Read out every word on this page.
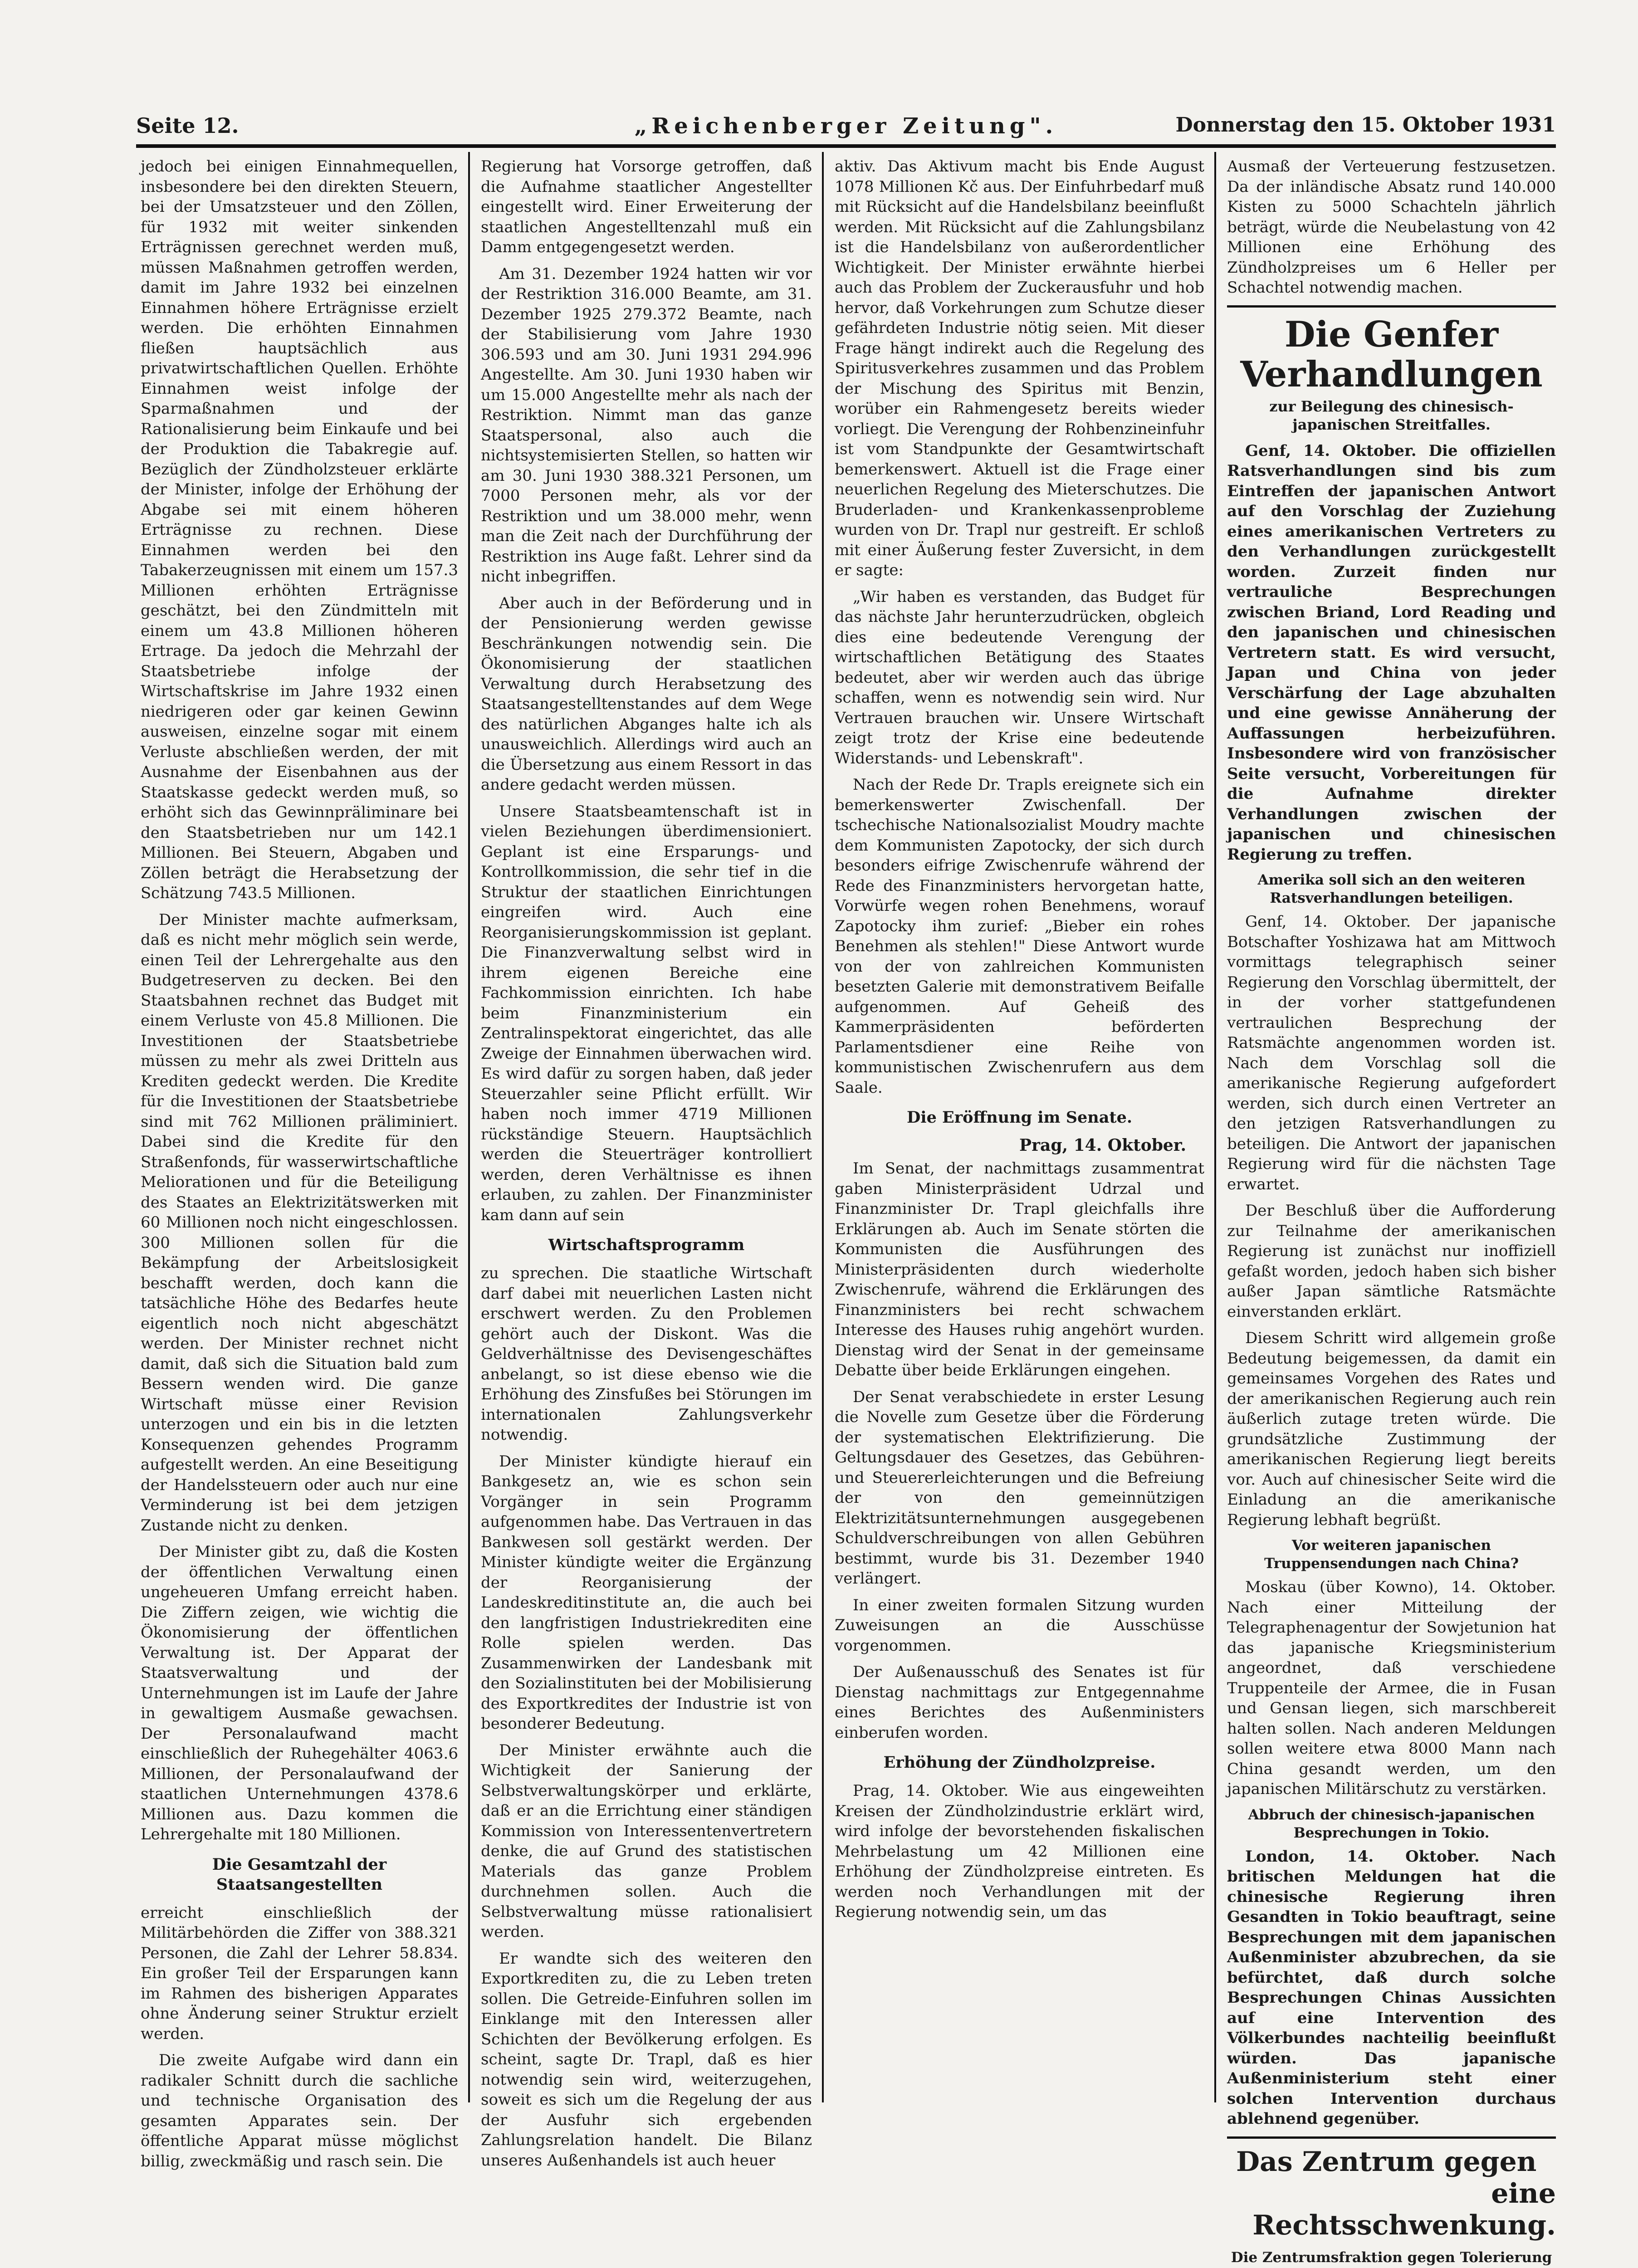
Seite 12.	„Reichenberger Zeitung".	Donnerstag den 15. Oktober 1931

jedoch bei einigen Einnahmequellen, insbesondere bei den direkten Steuern, bei der Umsatzsteuer und den Zöllen, für 1932 mit weiter sinkenden Erträgnissen gerechnet werden muß, müssen Maßnahmen getroffen werden, damit im Jahre 1932 bei einzelnen Einnahmen höhere Erträgnisse erzielt werden. Die erhöhten Einnahmen fließen hauptsächlich aus privatwirtschaftlichen Quellen. Erhöhte Einnahmen weist infolge der Sparmaßnahmen und der Rationalisierung beim Einkaufe und bei der Produktion die Tabakregie auf. Bezüglich der Zündholzsteuer erklärte der Minister, infolge der Erhöhung der Abgabe sei mit einem höheren Erträgnisse zu rechnen. Diese Einnahmen werden bei den Tabakerzeugnissen mit einem um 157.3 Millionen erhöhten Erträgnisse geschätzt, bei den Zündmitteln mit einem um 43.8 Millionen höheren Ertrage. Da jedoch die Mehrzahl der Staatsbetriebe infolge der Wirtschaftskrise im Jahre 1932 einen niedrigeren oder gar keinen Gewinn ausweisen, einzelne sogar mit einem Verluste abschließen werden, der mit Ausnahme der Eisenbahnen aus der Staatskasse gedeckt werden muß, so erhöht sich das Gewinnpräliminare bei den Staatsbetrieben nur um 142.1 Millionen. Bei Steuern, Abgaben und Zöllen beträgt die Herabsetzung der Schätzung 743.5 Millionen.

Der Minister machte aufmerksam, daß es nicht mehr möglich sein werde, einen Teil der Lehrergehalte aus den Budgetreserven zu decken. Bei den Staatsbahnen rechnet das Budget mit einem Verluste von 45.8 Millionen. Die Investitionen der Staatsbetriebe müssen zu mehr als zwei Dritteln aus Krediten gedeckt werden. Die Kredite für die Investitionen der Staatsbetriebe sind mit 762 Millionen präliminiert. Dabei sind die Kredite für den Straßenfonds, für wasserwirtschaftliche Meliorationen und für die Beteiligung des Staates an Elektrizitätswerken mit 60 Millionen noch nicht eingeschlossen. 300 Millionen sollen für die Bekämpfung der Arbeitslosigkeit beschafft werden, doch kann die tatsächliche Höhe des Bedarfes heute eigentlich noch nicht abgeschätzt werden. Der Minister rechnet nicht damit, daß sich die Situation bald zum Bessern wenden wird. Die ganze Wirtschaft müsse einer Revision unterzogen und ein bis in die letzten Konsequenzen gehendes Programm aufgestellt werden. An eine Beseitigung der Handelssteuern oder auch nur eine Verminderung ist bei dem jetzigen Zustande nicht zu denken.

Der Minister gibt zu, daß die Kosten der öffentlichen Verwaltung einen ungeheueren Umfang erreicht haben. Die Ziffern zeigen, wie wichtig die Ökonomisierung der öffentlichen Verwaltung ist. Der Apparat der Staatsverwaltung und der Unternehmungen ist im Laufe der Jahre in gewaltigem Ausmaße gewachsen. Der Personalaufwand macht einschließlich der Ruhegehälter 4063.6 Millionen, der Personalaufwand der staatlichen Unternehmungen 4378.6 Millionen aus. Dazu kommen die Lehrergehalte mit 180 Millionen.

Die Gesamtzahl der Staatsangestellten

erreicht einschließlich der Militärbehörden die Ziffer von 388.321 Personen, die Zahl der Lehrer 58.834. Ein großer Teil der Ersparungen kann im Rahmen des bisherigen Apparates ohne Änderung seiner Struktur erzielt werden.

Die zweite Aufgabe wird dann ein radikaler Schnitt durch die sachliche und technische Organisation des gesamten Apparates sein. Der öffentliche Apparat müsse möglichst billig, zweckmäßig und rasch sein. Die

Regierung hat Vorsorge getroffen, daß die Aufnahme staatlicher Angestellter eingestellt wird. Einer Erweiterung der staatlichen Angestelltenzahl muß ein Damm entgegengesetzt werden.

Am 31. Dezember 1924 hatten wir vor der Restriktion 316.000 Beamte, am 31. Dezember 1925 279.372 Beamte, nach der Stabilisierung vom Jahre 1930 306.593 und am 30. Juni 1931 294.996 Angestellte. Am 30. Juni 1930 haben wir um 15.000 Angestellte mehr als nach der Restriktion. Nimmt man das ganze Staatspersonal, also auch die nichtsystemisierten Stellen, so hatten wir am 30. Juni 1930 388.321 Personen, um 7000 Personen mehr, als vor der Restriktion und um 38.000 mehr, wenn man die Zeit nach der Durchführung der Restriktion ins Auge faßt. Lehrer sind da nicht inbegriffen.

Aber auch in der Beförderung und in der Pensionierung werden gewisse Beschränkungen notwendig sein. Die Ökonomisierung der staatlichen Verwaltung durch Herabsetzung des Staatsangestelltenstandes auf dem Wege des natürlichen Abganges halte ich als unausweichlich. Allerdings wird auch an die Übersetzung aus einem Ressort in das andere gedacht werden müssen.

Unsere Staatsbeamtenschaft ist in vielen Beziehungen überdimensioniert. Geplant ist eine Ersparungs- und Kontrollkommission, die sehr tief in die Struktur der staatlichen Einrichtungen eingreifen wird. Auch eine Reorganisierungskommission ist geplant. Die Finanzverwaltung selbst wird in ihrem eigenen Bereiche eine Fachkommission einrichten. Ich habe beim Finanzministerium ein Zentralinspektorat eingerichtet, das alle Zweige der Einnahmen überwachen wird. Es wird dafür zu sorgen haben, daß jeder Steuerzahler seine Pflicht erfüllt. Wir haben noch immer 4719 Millionen rückständige Steuern. Hauptsächlich werden die Steuerträger kontrolliert werden, deren Verhältnisse es ihnen erlauben, zu zahlen. Der Finanzminister kam dann auf sein

Wirtschaftsprogramm

zu sprechen. Die staatliche Wirtschaft darf dabei mit neuerlichen Lasten nicht erschwert werden. Zu den Problemen gehört auch der Diskont. Was die Geldverhältnisse des Devisengeschäftes anbelangt, so ist diese ebenso wie die Erhöhung des Zinsfußes bei Störungen im internationalen Zahlungsverkehr notwendig.

Der Minister kündigte hierauf ein Bankgesetz an, wie es schon sein Vorgänger in sein Programm aufgenommen habe. Das Vertrauen in das Bankwesen soll gestärkt werden. Der Minister kündigte weiter die Ergänzung der Reorganisierung der Landeskreditinstitute an, die auch bei den langfristigen Industriekrediten eine Rolle spielen werden. Das Zusammenwirken der Landesbank mit den Sozialinstituten bei der Mobilisierung des Exportkredites der Industrie ist von besonderer Bedeutung.

Der Minister erwähnte auch die Wichtigkeit der Sanierung der Selbstverwaltungskörper und erklärte, daß er an die Errichtung einer ständigen Kommission von Interessentenvertretern denke, die auf Grund des statistischen Materials das ganze Problem durchnehmen sollen. Auch die Selbstverwaltung müsse rationalisiert werden.

Er wandte sich des weiteren den Exportkrediten zu, die zu Leben treten sollen. Die Getreide-Einfuhren sollen im Einklange mit den Interessen aller Schichten der Bevölkerung erfolgen. Es scheint, sagte Dr. Trapl, daß es hier notwendig sein wird, weiterzugehen, soweit es sich um die Regelung der aus der Ausfuhr sich ergebenden Zahlungsrelation handelt. Die Bilanz unseres Außenhandels ist auch heuer

aktiv. Das Aktivum macht bis Ende August 1078 Millionen Kč aus. Der Einfuhrbedarf muß mit Rücksicht auf die Handelsbilanz beeinflußt werden. Mit Rücksicht auf die Zahlungsbilanz ist die Handelsbilanz von außerordentlicher Wichtigkeit. Der Minister erwähnte hierbei auch das Problem der Zuckerausfuhr und hob hervor, daß Vorkehrungen zum Schutze dieser gefährdeten Industrie nötig seien. Mit dieser Frage hängt indirekt auch die Regelung des Spiritusverkehres zusammen und das Problem der Mischung des Spiritus mit Benzin, worüber ein Rahmengesetz bereits wieder vorliegt. Die Verengung der Rohbenzineinfuhr ist vom Standpunkte der Gesamtwirtschaft bemerkenswert. Aktuell ist die Frage einer neuerlichen Regelung des Mieterschutzes. Die Bruderladen- und Krankenkassenprobleme wurden von Dr. Trapl nur gestreift. Er schloß mit einer Äußerung fester Zuversicht, in dem er sagte:

„Wir haben es verstanden, das Budget für das nächste Jahr herunterzudrücken, obgleich dies eine bedeutende Verengung der wirtschaftlichen Betätigung des Staates bedeutet, aber wir werden auch das übrige schaffen, wenn es notwendig sein wird. Nur Vertrauen brauchen wir. Unsere Wirtschaft zeigt trotz der Krise eine bedeutende Widerstands- und Lebenskraft".

Nach der Rede Dr. Trapls ereignete sich ein bemerkenswerter Zwischenfall. Der tschechische Nationalsozialist Moudry machte dem Kommunisten Zapotocky, der sich durch besonders eifrige Zwischenrufe während der Rede des Finanzministers hervorgetan hatte, Vorwürfe wegen rohen Benehmens, worauf Zapotocky ihm zurief: „Bieber ein rohes Benehmen als stehlen!" Diese Antwort wurde von der von zahlreichen Kommunisten besetzten Galerie mit demonstrativem Beifalle aufgenommen. Auf Geheiß des Kammerpräsidenten beförderten Parlamentsdiener eine Reihe von kommunistischen Zwischenrufern aus dem Saale.

Die Eröffnung im Senate.
Prag, 14. Oktober.

Im Senat, der nachmittags zusammentrat gaben Ministerpräsident Udrzal und Finanzminister Dr. Trapl gleichfalls ihre Erklärungen ab. Auch im Senate störten die Kommunisten die Ausführungen des Ministerpräsidenten durch wiederholte Zwischenrufe, während die Erklärungen des Finanzministers bei recht schwachem Interesse des Hauses ruhig angehört wurden. Dienstag wird der Senat in der gemeinsame Debatte über beide Erklärungen eingehen.

Der Senat verabschiedete in erster Lesung die Novelle zum Gesetze über die Förderung der systematischen Elektrifizierung. Die Geltungsdauer des Gesetzes, das Gebühren- und Steuererleichterungen und die Befreiung der von den gemeinnützigen Elektrizitätsunternehmungen ausgegebenen Schuldverschreibungen von allen Gebühren bestimmt, wurde bis 31. Dezember 1940 verlängert.

In einer zweiten formalen Sitzung wurden Zuweisungen an die Ausschüsse vorgenommen.

Der Außenausschuß des Senates ist für Dienstag nachmittags zur Entgegennahme eines Berichtes des Außenministers einberufen worden.

Erhöhung der Zündholzpreise.

Prag, 14. Oktober. Wie aus eingeweihten Kreisen der Zündholzindustrie erklärt wird, wird infolge der bevorstehenden fiskalischen Mehrbelastung um 42 Millionen eine Erhöhung der Zündholzpreise eintreten. Es werden noch Verhandlungen mit der Regierung notwendig sein, um das

Ausmaß der Verteuerung festzusetzen. Da der inländische Absatz rund 140.000 Kisten zu 5000 Schachteln jährlich beträgt, würde die Neubelastung von 42 Millionen eine Erhöhung des Zündholzpreises um 6 Heller per Schachtel notwendig machen.

Die Genfer Verhandlungen
zur Beilegung des chinesisch-japanischen Streitfalles.

Genf, 14. Oktober. Die offiziellen Ratsverhandlungen sind bis zum Eintreffen der japanischen Antwort auf den Vorschlag der Zuziehung eines amerikanischen Vertreters zu den Verhandlungen zurückgestellt worden. Zurzeit finden nur vertrauliche Besprechungen zwischen Briand, Lord Reading und den japanischen und chinesischen Vertretern statt. Es wird versucht, Japan und China von jeder Verschärfung der Lage abzuhalten und eine gewisse Annäherung der Auffassungen herbeizuführen. Insbesondere wird von französischer Seite versucht, Vorbereitungen für die Aufnahme direkter Verhandlungen zwischen der japanischen und chinesischen Regierung zu treffen.

Amerika soll sich an den weiteren Ratsverhandlungen beteiligen.

Genf, 14. Oktober. Der japanische Botschafter Yoshizawa hat am Mittwoch vormittags telegraphisch seiner Regierung den Vorschlag übermittelt, der in der vorher stattgefundenen vertraulichen Besprechung der Ratsmächte angenommen worden ist. Nach dem Vorschlag soll die amerikanische Regierung aufgefordert werden, sich durch einen Vertreter an den jetzigen Ratsverhandlungen zu beteiligen. Die Antwort der japanischen Regierung wird für die nächsten Tage erwartet.

Der Beschluß über die Aufforderung zur Teilnahme der amerikanischen Regierung ist zunächst nur inoffiziell gefaßt worden, jedoch haben sich bisher außer Japan sämtliche Ratsmächte einverstanden erklärt.

Diesem Schritt wird allgemein große Bedeutung beigemessen, da damit ein gemeinsames Vorgehen des Rates und der amerikanischen Regierung auch rein äußerlich zutage treten würde. Die grundsätzliche Zustimmung der amerikanischen Regierung liegt bereits vor. Auch auf chinesischer Seite wird die Einladung an die amerikanische Regierung lebhaft begrüßt.

Vor weiteren japanischen Truppensendungen nach China?

Moskau (über Kowno), 14. Oktober. Nach einer Mitteilung der Telegraphenagentur der Sowjetunion hat das japanische Kriegsministerium angeordnet, daß verschiedene Truppenteile der Armee, die in Fusan und Gensan liegen, sich marschbereit halten sollen. Nach anderen Meldungen sollen weitere etwa 8000 Mann nach China gesandt werden, um den japanischen Militärschutz zu verstärken.

Abbruch der chinesisch-japanischen Besprechungen in Tokio.

London, 14. Oktober. Nach britischen Meldungen hat die chinesische Regierung ihren Gesandten in Tokio beauftragt, seine Besprechungen mit dem japanischen Außenminister abzubrechen, da sie befürchtet, daß durch solche Besprechungen Chinas Aussichten auf eine Intervention des Völkerbundes nachteilig beeinflußt würden. Das japanische Außenministerium steht einer solchen Intervention durchaus ablehnend gegenüber.

Das Zentrum gegen
eine Rechtsschwenkung.
Die Zentrumsfraktion gegen Tolerierung
